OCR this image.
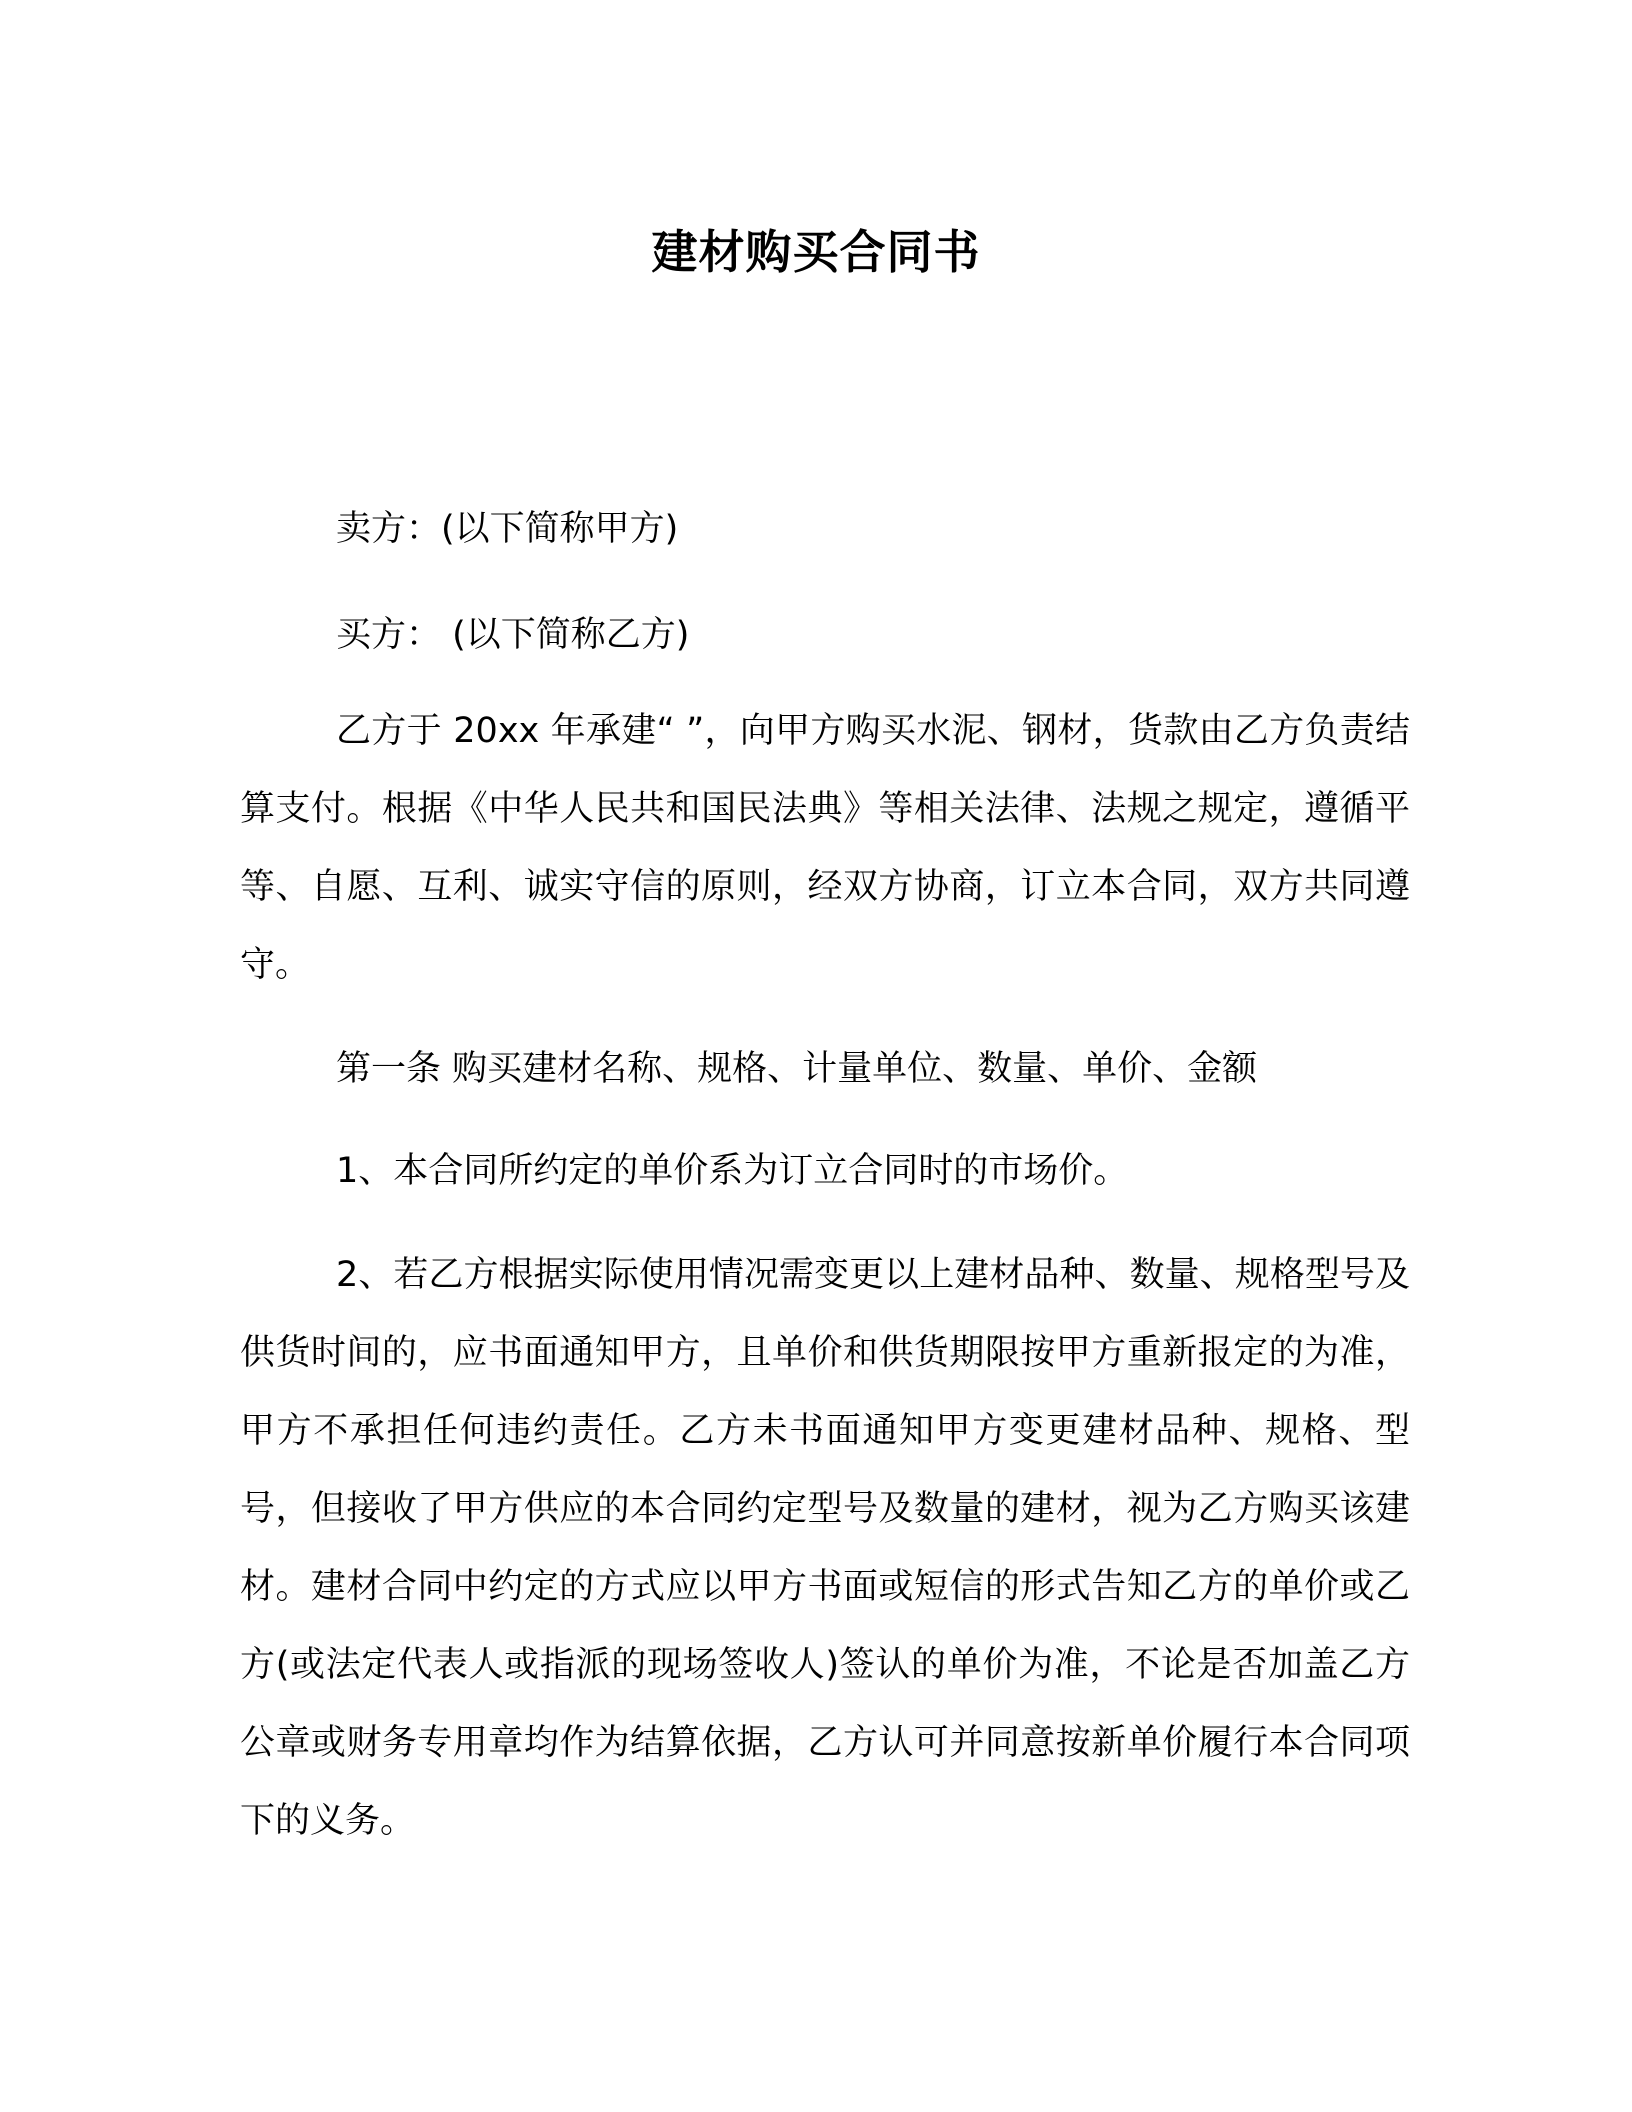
建材购买合同书

卖方：(以下简称甲方)

买方： (以下简称乙方)

乙方于 20xx 年承建“ ”，向甲方购买水泥、钢材，货款由乙方负责结算支付。根据《中华人民共和国民法典》等相关法律、法规之规定，遵循平等、自愿、互利、诚实守信的原则，经双方协商，订立本合同，双方共同遵守。

第一条 购买建材名称、规格、计量单位、数量、单价、金额

1、本合同所约定的单价系为订立合同时的市场价。

2、若乙方根据实际使用情况需变更以上建材品种、数量、规格型号及供货时间的，应书面通知甲方，且单价和供货期限按甲方重新报定的为准，甲方不承担任何违约责任。乙方未书面通知甲方变更建材品种、规格、型号，但接收了甲方供应的本合同约定型号及数量的建材，视为乙方购买该建材。建材合同中约定的方式应以甲方书面或短信的形式告知乙方的单价或乙方(或法定代表人或指派的现场签收人)签认的单价为准，不论是否加盖乙方公章或财务专用章均作为结算依据，乙方认可并同意按新单价履行本合同项下的义务。
